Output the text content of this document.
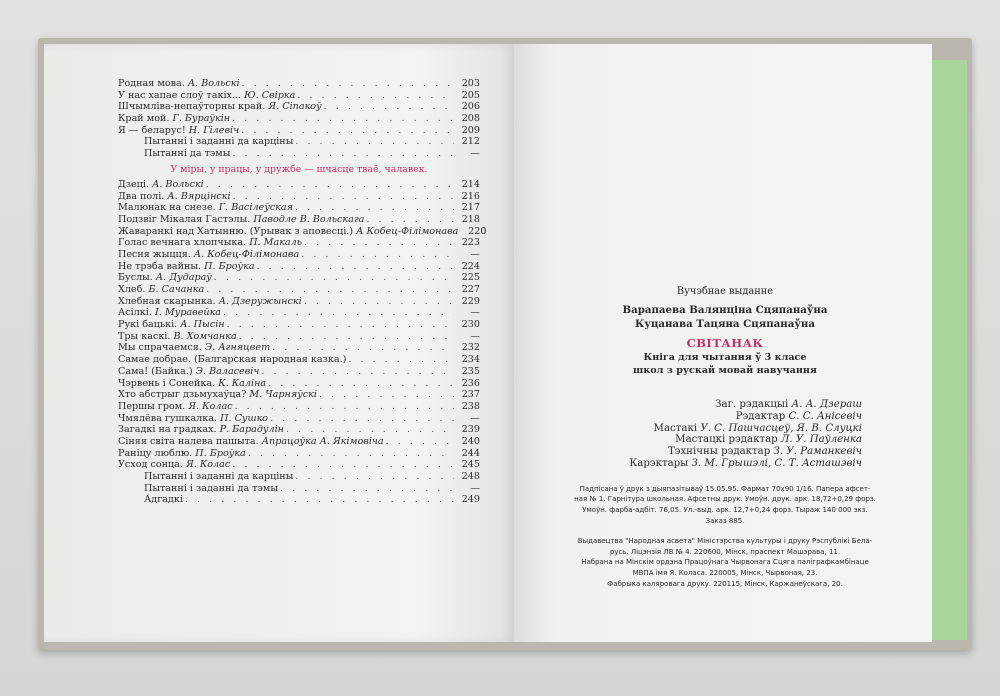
Родная мова. А. Вольскі . . .	203
У нас хапае слоў такіх... Ю. Свірка . . .	205
Шчымліва-непаўторны край. Я. Сіпакоў . . .	206
Край мой. Г. Бураўкін . . .	208
Я — беларус! Н. Гілевіч . . .	209
Пытанні і заданні да карціны . . .	212
Пытанні да тэмы . . .	—
У міры, у працы, у дружбе — шчасце тваё, чалавек.
Дзеці. А. Вольскі . . .	214
Два полі. А. Вярцінскі . . .	216
Малюнак на снезе. Г. Васілеўская . . .	217
Подзвіг Мікалая Гастэлы. Паводле В. Вольскага . . .	218
Жаваранкі над Хатынню. (Урывак з аповесці.) А Кобец-Філімонава	220
Голас вечнага хлопчыка. П. Макаль . . .	223
Песня жыцця. А. Кобец-Філімонава . . .	—
Не трэба вайны. П. Броўка . . .	224
Буслы. А. Дудараў . . .	225
Хлеб. Б. Сачанка . . .	227
Хлебная скарынка. А. Дзеружынскі . . .	229
Асілкі. І. Муравейка . . .	—
Рукі бацькі. А. Пысін . . .	230
Тры каскі. В. Хомчанка . . .	—
Мы спрачаемся. Э. Агняцвет . . .	232
Самае добрае. (Балгарская народная казка.) . . .	234
Сама! (Байка.) Э. Валасевіч . . .	235
Чэрвень і Сонейка. К. Калiна . . .	236
Хто абстрыг дзьмухаўца? М. Чарняўскі . . .	237
Першы гром. Я. Колас . . .	238
Чмялёва гушкалка. П. Сушко . . .	—
Загадкі на градках. Р. Барадулін . . .	239
Сіняя світа налева пашыта. Апрацоўка А. Якімовіча . . .	240
Раніцу люблю. П. Броўка . . .	244
Усход сонца. Я. Колас . . .	245
Пытанні і заданні да карціны . . .	248
Пытанні і заданні да тэмы . . .	—
Адгадкі . . .	249
Вучэбнае выданне
Варапаева Валянціна Сцяпанаўна
Куцанава Тацяна Сцяпанаўна
СВІТАНАК
Кніга для чытання ў 3 класе
школ з рускай мовай навучання
Заг. рэдакцыі А. А. Дзераш
Рэдактар С. С. Анісевіч
Мастакі У. С. Пашчасцеў, Я. В. Слуцкі
Мастацкі рэдактар Л. У. Паўленка
Тэхнічны рэдактар З. У. Раманкевіч
Карэктары З. М. Грышэлі, С. Т. Асташэвіч
Падпісана ў друк з дыяпазітываў 15.05.95. Фармат 70x90 1/16. Папера афсет-
ная № 1. Гарнітура школьная. Афсетны друк. Умоўн. друк. арк. 18,72+0,29 форз.
Умоўн. фарба-адбіт. 76,05. Ул.-выд. арк. 12,7+0,24 форз. Тыраж 140 000 экз.
Заказ 885.
Выдавецтва "Народная асвета" Міністэрства культуры і друку Рэспублікі Бела-
русь. Ліцэнзія ЛВ № 4. 220600, Мінск, праспект Машэрава, 11.
Набрана на Мінскім ордэна Працоўнага Чырвонага Сцяга паліграфкамбінаце
МВПА імя Я. Коласа. 220005, Мінск, Чырвоная, 23.
Фабрыка каляровага друку. 220115, Мінск, Каржанеўскага, 20.
